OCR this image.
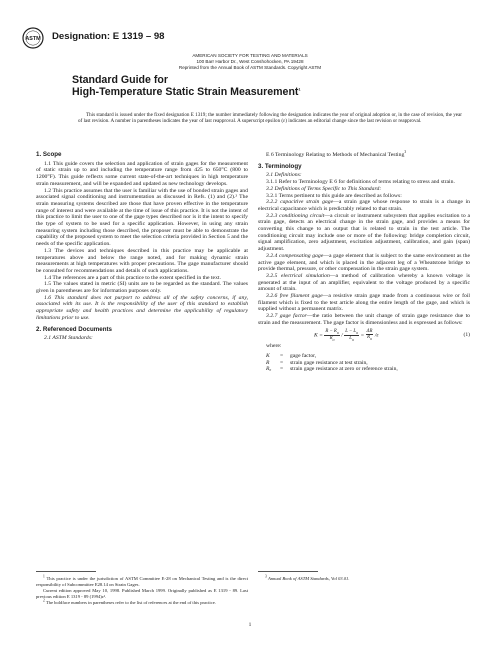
ASTM Designation: E 1319 – 98
AMERICAN SOCIETY FOR TESTING AND MATERIALS
100 Barr Harbor Dr., West Conshohocken, PA 19428
Reprinted from the Annual Book of ASTM Standards. Copyright ASTM
Standard Guide for
High-Temperature Static Strain Measurement$^1$

This standard is issued under the fixed designation E 1319; the number immediately following the designation indicates the year of original adoption or, in the case of revision, the year of last revision. A number in parentheses indicates the year of last reapproval. A superscript epsilon (ε) indicates an editorial change since the last revision or reapproval.

1. Scope

1.1 This guide covers the selection and application of strain gages for the measurement of static strain up to and including the temperature range from 425 to 650°C (800 to 1200°F). This guide reflects some current state-of-the-art techniques in high temperature strain measurement, and will be expanded and updated as new technology develops.

1.2 This practice assumes that the user is familiar with the use of bonded strain gages and associated signal conditioning and instrumentation as discussed in Refs. (1) and (2).² The strain measuring systems described are those that have proven effective in the temperature range of interest and were available at the time of issue of this practice. It is not the intent of this practice to limit the user to one of the gage types described nor is it the intent to specify the type of system to be used for a specific application. However, in using any strain measuring system including those described, the proposer must be able to demonstrate the capability of the proposed system to meet the selection criteria provided in Section 5 and the needs of the specific application.

1.3 The devices and techniques described in this practice may be applicable at temperatures above and below the range noted, and for making dynamic strain measurements at high temperatures with proper precautions. The gage manufacturer should be consulted for recommendations and details of such applications.

1.4 The references are a part of this practice to the extent specified in the text.

1.5 The values stated in metric (SI) units are to be regarded as the standard. The values given in parentheses are for information purposes only.

1.6 This standard does not purport to address all of the safety concerns, if any, associated with its use. It is the responsibility of the user of this standard to establish appropriate safety and health practices and determine the applicability of regulatory limitations prior to use.

2. Referenced Documents

2.1 ASTM Standards:

E 6 Terminology Relating to Methods of Mechanical Testing$^3$

3. Terminology

3.1 Definitions:

3.1.1 Refer to Terminology E 6 for definitions of terms relating to stress and strain.

3.2 Definitions of Terms Specific to This Standard:

3.2.1 Terms pertinent to this guide are described as follows:

3.2.2 capacitive strain gage—a strain gage whose response to strain is a change in electrical capacitance which is predictably related to that strain.

3.2.3 conditioning circuit—a circuit or instrument subsystem that applies excitation to a strain gage, detects an electrical change in the strain gage, and provides a means for converting this change to an output that is related to strain in the test article. The conditioning circuit may include one or more of the following: bridge completion circuit, signal amplification, zero adjustment, excitation adjustment, calibration, and gain (span) adjustment.

3.2.4 compensating gage—a gage element that is subject to the same environment as the active gage element, and which is placed in the adjacent leg of a Wheatstone bridge to provide thermal, pressure, or other compensation in the strain gage system.

3.2.5 electrical simulation—a method of calibration whereby a known voltage is generated at the input of an amplifier, equivalent to the voltage produced by a specific amount of strain.

3.2.6 free filament gage—a resistive strain gage made from a continuous wire or foil filament which is fixed to the test article along the entire length of the gage, and which is supplied without a permanent matrix.

3.2.7 gage factor—the ratio between the unit change of strain gage resistance due to strain and the measurement. The gage factor is dimensionless and is expressed as follows:

$K = \frac{R - R_o}{R_o} / \frac{L - L_o}{L_o} = \frac{\Delta R}{R_o} /\varepsilon$	(1)

where:

K	=	gage factor,
R	=	strain gage resistance at test strain,
R₀	=	strain gage resistance at zero or reference strain,

$^1$ This practice is under the jurisdiction of ASTM Committee E-28 on Mechanical Testing and is the direct responsibility of Subcommittee E28.14 on Strain Gages.

Current edition approved May 10, 1998. Published March 1999. Originally published as E 1319 - 89. Last previous edition E 1319 - 89 (1994)ε¹.

$^2$ The boldface numbers in parentheses refer to the list of references at the end of this practice.

$^3$ Annual Book of ASTM Standards, Vol 03.01.

1
